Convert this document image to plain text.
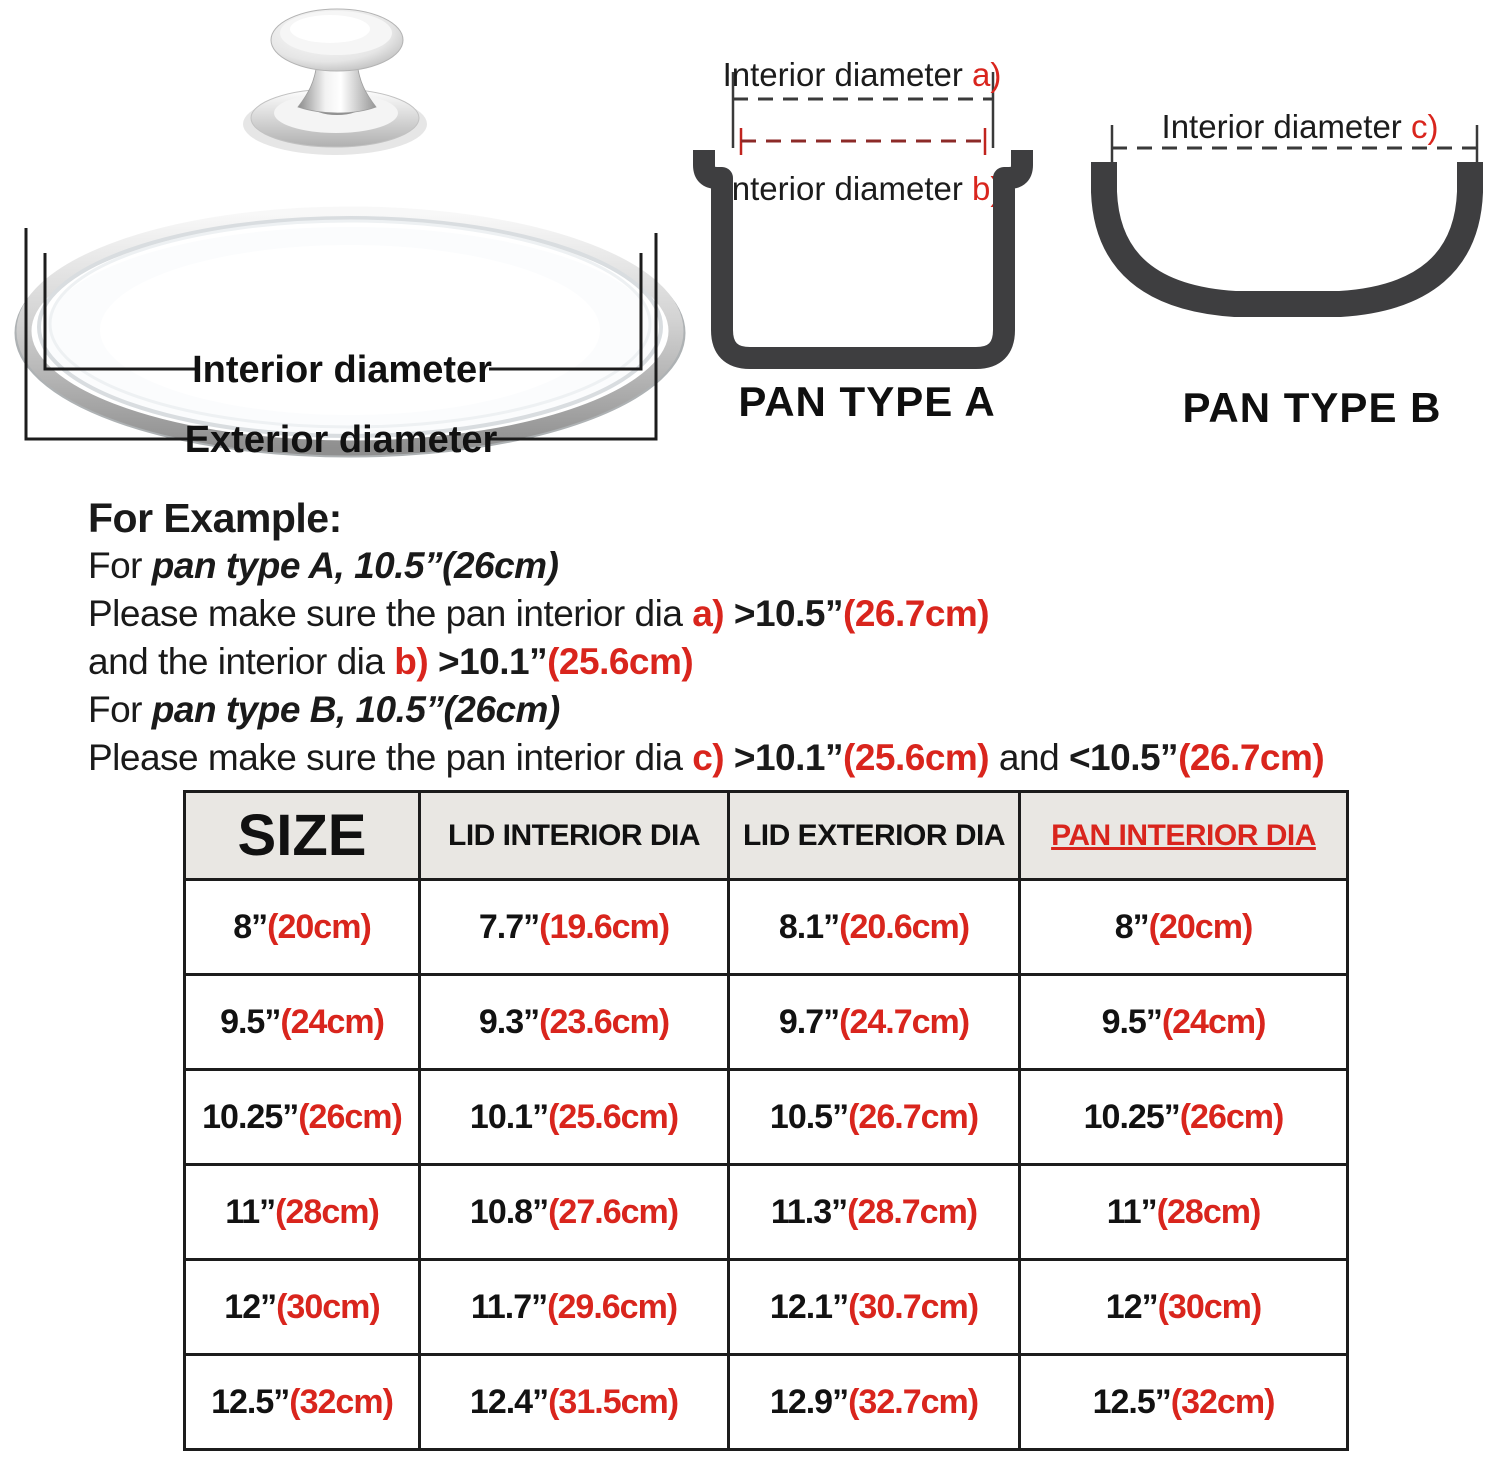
Interior diameter
Exterior diameter
Interior diameter a)
Interior diameter b)
PAN TYPE A
Interior diameter c)
PAN TYPE B
For Example:
For pan type A, 10.5”(26cm)
Please make sure the pan interior dia a) >10.5”(26.7cm)
and the interior dia b) >10.1”(25.6cm)
For pan type B, 10.5”(26cm)
Please make sure the pan interior dia c) >10.1”(25.6cm) and <10.5”(26.7cm)
SIZE	LID INTERIOR DIA	LID EXTERIOR DIA	PAN INTERIOR DIA
8”(20cm)	7.7”(19.6cm)	8.1”(20.6cm)	8”(20cm)
9.5”(24cm)	9.3”(23.6cm)	9.7”(24.7cm)	9.5”(24cm)
10.25”(26cm)	10.1”(25.6cm)	10.5”(26.7cm)	10.25”(26cm)
11”(28cm)	10.8”(27.6cm)	11.3”(28.7cm)	11”(28cm)
12”(30cm)	11.7”(29.6cm)	12.1”(30.7cm)	12”(30cm)
12.5”(32cm)	12.4”(31.5cm)	12.9”(32.7cm)	12.5”(32cm)
